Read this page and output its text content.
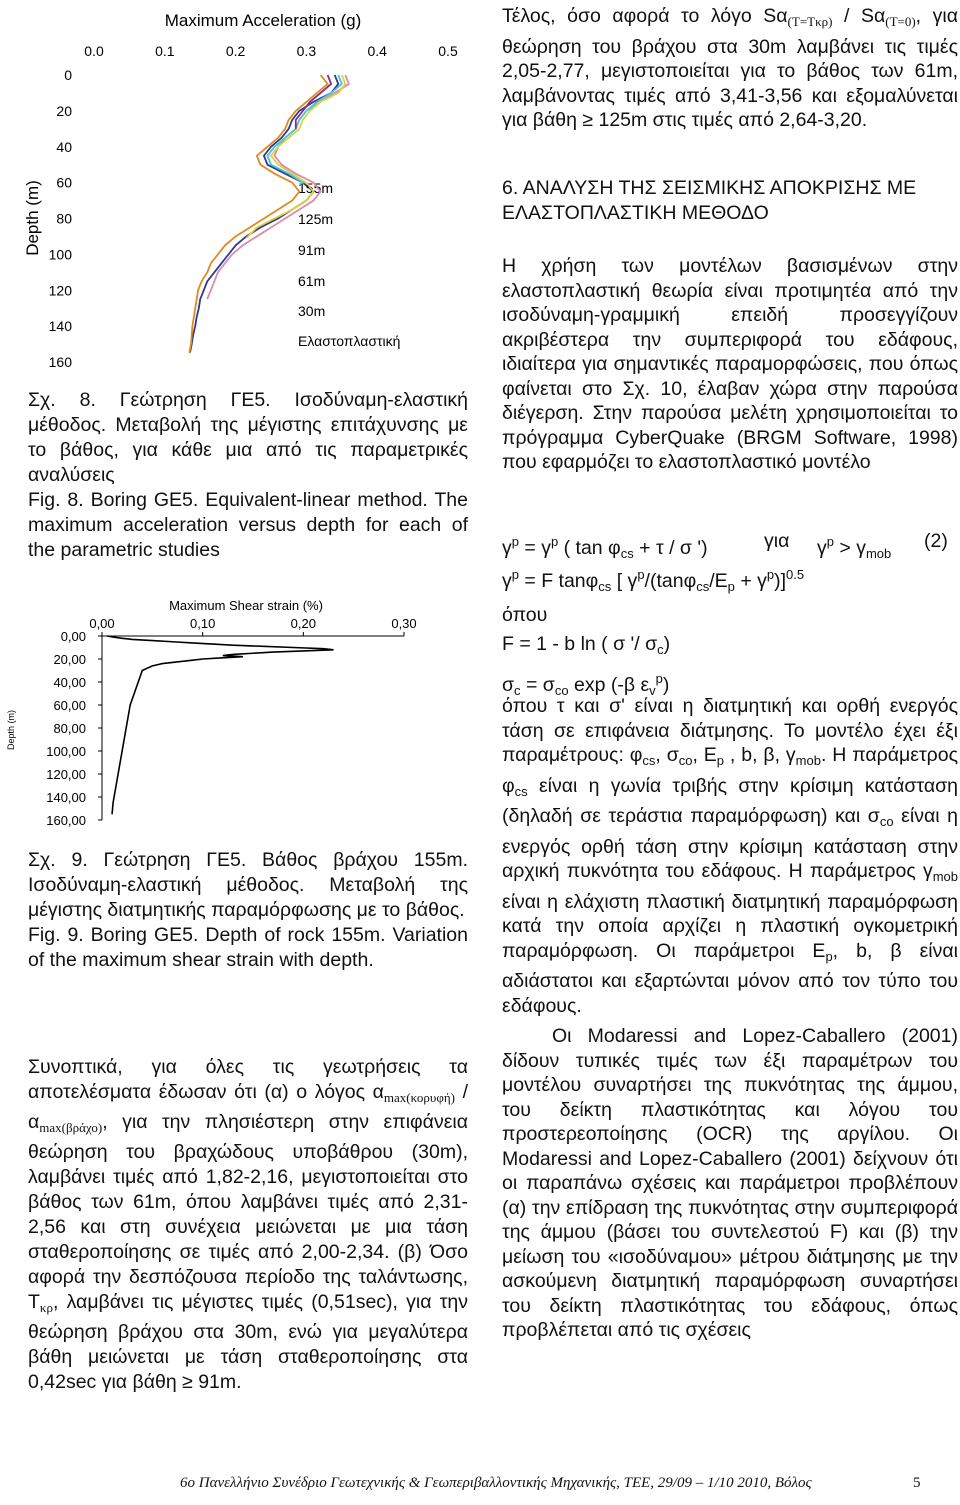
Maximum Acceleration (g)
0.0	0.1	0.2	0.3	0.4	0.5
0
20
40
60
80
100
120
140
160
Depth (m)	155m
125m
91m
61m
30m
Ελαστοπλαστική

Σχ. 8. Γεώτρηση ΓΕ5. Ισοδύναμη-ελαστική μέθοδος. Μεταβολή της μέγιστης επιτάχυνσης με το βάθος, για κάθε μια από τις παραμετρικές αναλύσεις

Fig. 8. Boring GE5. Equivalent-linear method. The maximum acceleration versus depth for each of the parametric studies

Maximum Shear strain (%)
0,00	0,10	0,20	0,30
0,00
20,00
40,00
60,00
80,00
100,00
120,00
140,00
160,00
Depth (m)

Σχ. 9. Γεώτρηση ΓΕ5. Βάθος βράχου 155m. Ισοδύναμη-ελαστική μέθοδος. Μεταβολή της μέγιστης διατμητικής παραμόρφωσης με το βάθος.

Fig. 9. Boring GE5. Depth of rock 155m. Variation of the maximum shear strain with depth.

Συνοπτικά, για όλες τις γεωτρήσεις τα αποτελέσματα έδωσαν ότι (α) ο λόγος $\alpha_{max(\kappa o\rho\upsilon\varphi ή)} / \alpha_{max(\beta\rho ά\chi o)}$, για την πλησιέστερη στην επιφάνεια θεώρηση του βραχώδους υποβάθρου (30m), λαμβάνει τιμές από 1,82-2,16, μεγιστοποιείται στο βάθος των 61m, όπου λαμβάνει τιμές από 2,31-2,56 και στη συνέχεια μειώνεται με μια τάση σταθεροποίησης σε τιμές από 2,00-2,34. (β) Όσο αφορά την δεσπόζουσα περίοδο της ταλάντωσης, $T_{\kappa\rho}$, λαμβάνει τις μέγιστες τιμές (0,51sec), για την θεώρηση βράχου στα 30m, ενώ για μεγαλύτερα βάθη μειώνεται με τάση σταθεροποίησης στα 0,42sec για βάθη ≥ 91m.

Τέλος, όσο αφορά το λόγο $S\alpha_{(T=T\kappa\rho)} / S\alpha_{(T=0)}$, για θεώρηση του βράχου στα 30m λαμβάνει τις τιμές 2,05-2,77, μεγιστοποιείται για το βάθος των 61m, λαμβάνοντας τιμές από 3,41-3,56 και εξομαλύνεται για βάθη ≥ 125m στις τιμές από 2,64-3,20.

6. ΑΝΑΛΥΣΗ ΤΗΣ ΣΕΙΣΜΙΚΗΣ ΑΠΟΚΡΙΣΗΣ ΜΕ ΕΛΑΣΤΟΠΛΑΣΤΙΚΗ ΜΕΘΟΔΟ

Η χρήση των μοντέλων βασισμένων στην ελαστοπλαστική θεωρία είναι προτιμητέα από την ισοδύναμη-γραμμική επειδή προσεγγίζουν ακριβέστερα την συμπεριφορά του εδάφους, ιδιαίτερα για σημαντικές παραμορφώσεις, που όπως φαίνεται στο Σχ. 10, έλαβαν χώρα στην παρούσα διέγερση. Στην παρούσα μελέτη χρησιμοποιείται το πρόγραμμα CyberQuake (BRGM Software, 1998) που εφαρμόζει το ελαστοπλαστικό μοντέλο

$\gamma^p = \gamma^p$ ( $\tan \varphi_{cs} + \tau / \sigma$ ')	για $\gamma^p > \gamma_{mob}$
(2)
$\gamma^p = F$ tanφ$_{cs}$ [ $\gamma^p/(\tan\varphi_{cs}/E_p + \gamma^p)]^{0.5}$
όπου
F = 1 - b ln ( σ '/ $\sigma_c$)
$\sigma_c = \sigma_{co}$ exp (-β $\varepsilon_v^p$)

όπου τ και σ' είναι η διατμητική και ορθή ενεργός τάση σε επιφάνεια διάτμησης. Το μοντέλο έχει έξι παραμέτρους: $\varphi_{cs}$, $\sigma_{co}$, $E_p$ , b, β, $\gamma_{mob}$. Η παράμετρος $\varphi_{cs}$ είναι η γωνία τριβής στην κρίσιμη κατάσταση (δηλαδή σε τεράστια παραμόρφωση) και $\sigma_{co}$ είναι η ενεργός ορθή τάση στην κρίσιμη κατάσταση στην αρχική πυκνότητα του εδάφους. Η παράμετρος $\gamma_{mob}$ είναι η ελάχιστη πλαστική διατμητική παραμόρφωση κατά την οποία αρχίζει η πλαστική ογκομετρική παραμόρφωση. Οι παράμετροι $E_p$, b, β είναι αδιάστατοι και εξαρτώνται μόνον από τον τύπο του εδάφους.

Οι Modaressi and Lopez-Caballero (2001) δίδουν τυπικές τιμές των έξι παραμέτρων του μοντέλου συναρτήσει της πυκνότητας της άμμου, του δείκτη πλαστικότητας και λόγου του προστερεοποίησης (OCR) της αργίλου. Οι Modaressi and Lopez-Caballero (2001) δείχνουν ότι οι παραπάνω σχέσεις και παράμετροι προβλέπουν (α) την επίδραση της πυκνότητας στην συμπεριφορά της άμμου (βάσει του συντελεστού F) και (β) την μείωση του «ισοδύναμου» μέτρου διάτμησης με την ασκούμενη διατμητική παραμόρφωση συναρτήσει του δείκτη πλαστικότητας του εδάφους, όπως προβλέπεται από τις σχέσεις

6ο Πανελλήνιο Συνέδριο Γεωτεχνικής & Γεωπεριβαλλοντικής Μηχανικής, ΤΕΕ, 29/09 – 1/10 2010, Βόλος	5
